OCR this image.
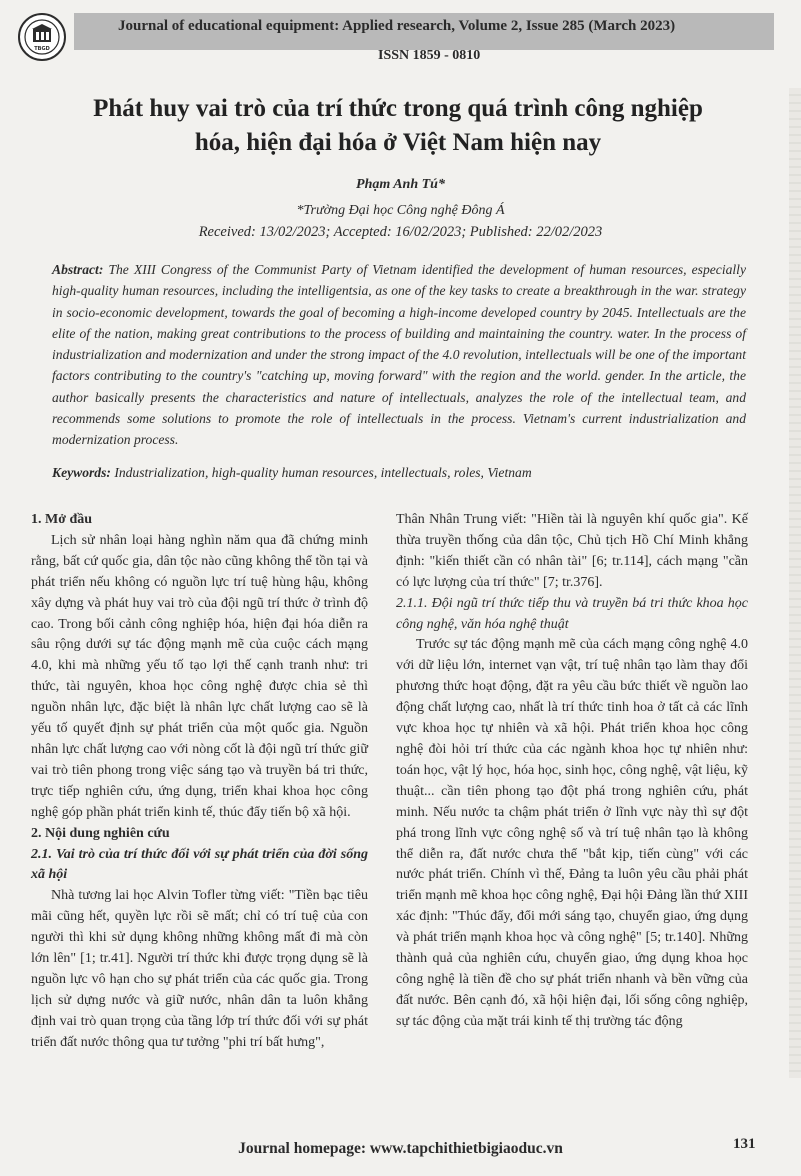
TBGD
Journal of educational equipment: Applied research, Volume 2, Issue 285 (March 2023)
ISSN 1859 - 0810
Phát huy vai trò của trí thức trong quá trình công nghiệp hóa, hiện đại hóa ở Việt Nam hiện nay
Phạm Anh Tú*
*Trường Đại học Công nghệ Đông Á
Received: 13/02/2023; Accepted: 16/02/2023; Published: 22/02/2023
Abstract: The XIII Congress of the Communist Party of Vietnam identified the development of human resources, especially high-quality human resources, including the intelligentsia, as one of the key tasks to create a breakthrough in the war. strategy in socio-economic development, towards the goal of becoming a high-income developed country by 2045. Intellectuals are the elite of the nation, making great contributions to the process of building and maintaining the country. water. In the process of industrialization and modernization and under the strong impact of the 4.0 revolution, intellectuals will be one of the important factors contributing to the country's "catching up, moving forward" with the region and the world. gender. In the article, the author basically presents the characteristics and nature of intellectuals, analyzes the role of the intellectual team, and recommends some solutions to promote the role of intellectuals in the process. Vietnam's current industrialization and modernization process.
Keywords: Industrialization, high-quality human resources, intellectuals, roles, Vietnam
1. Mở đầu

Lịch sử nhân loại hàng nghìn năm qua đã chứng minh rằng, bất cứ quốc gia, dân tộc nào cũng không thể tồn tại và phát triển nếu không có nguồn lực trí tuệ hùng hậu, không xây dựng và phát huy vai trò của đội ngũ trí thức ở trình độ cao. Trong bối cảnh công nghiệp hóa, hiện đại hóa diễn ra sâu rộng dưới sự tác động mạnh mẽ của cuộc cách mạng 4.0, khi mà những yếu tố tạo lợi thế cạnh tranh như: tri thức, tài nguyên, khoa học công nghệ được chia sẻ thì nguồn nhân lực, đặc biệt là nhân lực chất lượng cao sẽ là yếu tố quyết định sự phát triển của một quốc gia. Nguồn nhân lực chất lượng cao với nòng cốt là đội ngũ trí thức giữ vai trò tiên phong trong việc sáng tạo và truyền bá tri thức, trực tiếp nghiên cứu, ứng dụng, triển khai khoa học công nghệ góp phần phát triển kinh tế, thúc đẩy tiến bộ xã hội.

2. Nội dung nghiên cứu
2.1. Vai trò của trí thức đối với sự phát triển của đời sống xã hội

Nhà tương lai học Alvin Tofler từng viết: "Tiền bạc tiêu mãi cũng hết, quyền lực rồi sẽ mất; chỉ có trí tuệ của con người thì khi sử dụng không những không mất đi mà còn lớn lên" [1; tr.41]. Người trí thức khi được trọng dụng sẽ là nguồn lực vô hạn cho sự phát triển của các quốc gia. Trong lịch sử dựng nước và giữ nước, nhân dân ta luôn khẳng định vai trò quan trọng của tầng lớp trí thức đối với sự phát triển đất nước thông qua tư tưởng "phi trí bất hưng",

Thân Nhân Trung viết: "Hiền tài là nguyên khí quốc gia". Kế thừa truyền thống của dân tộc, Chủ tịch Hồ Chí Minh khẳng định: "kiến thiết cần có nhân tài" [6; tr.114], cách mạng "cần có lực lượng của trí thức" [7; tr.376].

2.1.1. Đội ngũ trí thức tiếp thu và truyền bá tri thức khoa học công nghệ, văn hóa nghệ thuật

Trước sự tác động mạnh mẽ của cách mạng công nghệ 4.0 với dữ liệu lớn, internet vạn vật, trí tuệ nhân tạo làm thay đổi phương thức hoạt động, đặt ra yêu cầu bức thiết về nguồn lao động chất lượng cao, nhất là trí thức tinh hoa ở tất cả các lĩnh vực khoa học tự nhiên và xã hội. Phát triển khoa học công nghệ đòi hỏi trí thức của các ngành khoa học tự nhiên như: toán học, vật lý học, hóa học, sinh học, công nghệ, vật liệu, kỹ thuật... cần tiên phong tạo đột phá trong nghiên cứu, phát minh. Nếu nước ta chậm phát triển ở lĩnh vực này thì sự đột phá trong lĩnh vực công nghệ số và trí tuệ nhân tạo là không thể diễn ra, đất nước chưa thể "bắt kịp, tiến cùng" với các nước phát triển. Chính vì thế, Đảng ta luôn yêu cầu phải phát triển mạnh mẽ khoa học công nghệ, Đại hội Đảng lần thứ XIII xác định: "Thúc đẩy, đổi mới sáng tạo, chuyển giao, ứng dụng và phát triển mạnh khoa học và công nghệ" [5; tr.140]. Những thành quả của nghiên cứu, chuyển giao, ứng dụng khoa học công nghệ là tiền đề cho sự phát triển nhanh và bền vững của đất nước. Bên cạnh đó, xã hội hiện đại, lối sống công nghiệp, sự tác động của mặt trái kinh tế thị trường tác động

131
Journal homepage: www.tapchithietbigiaoduc.vn
